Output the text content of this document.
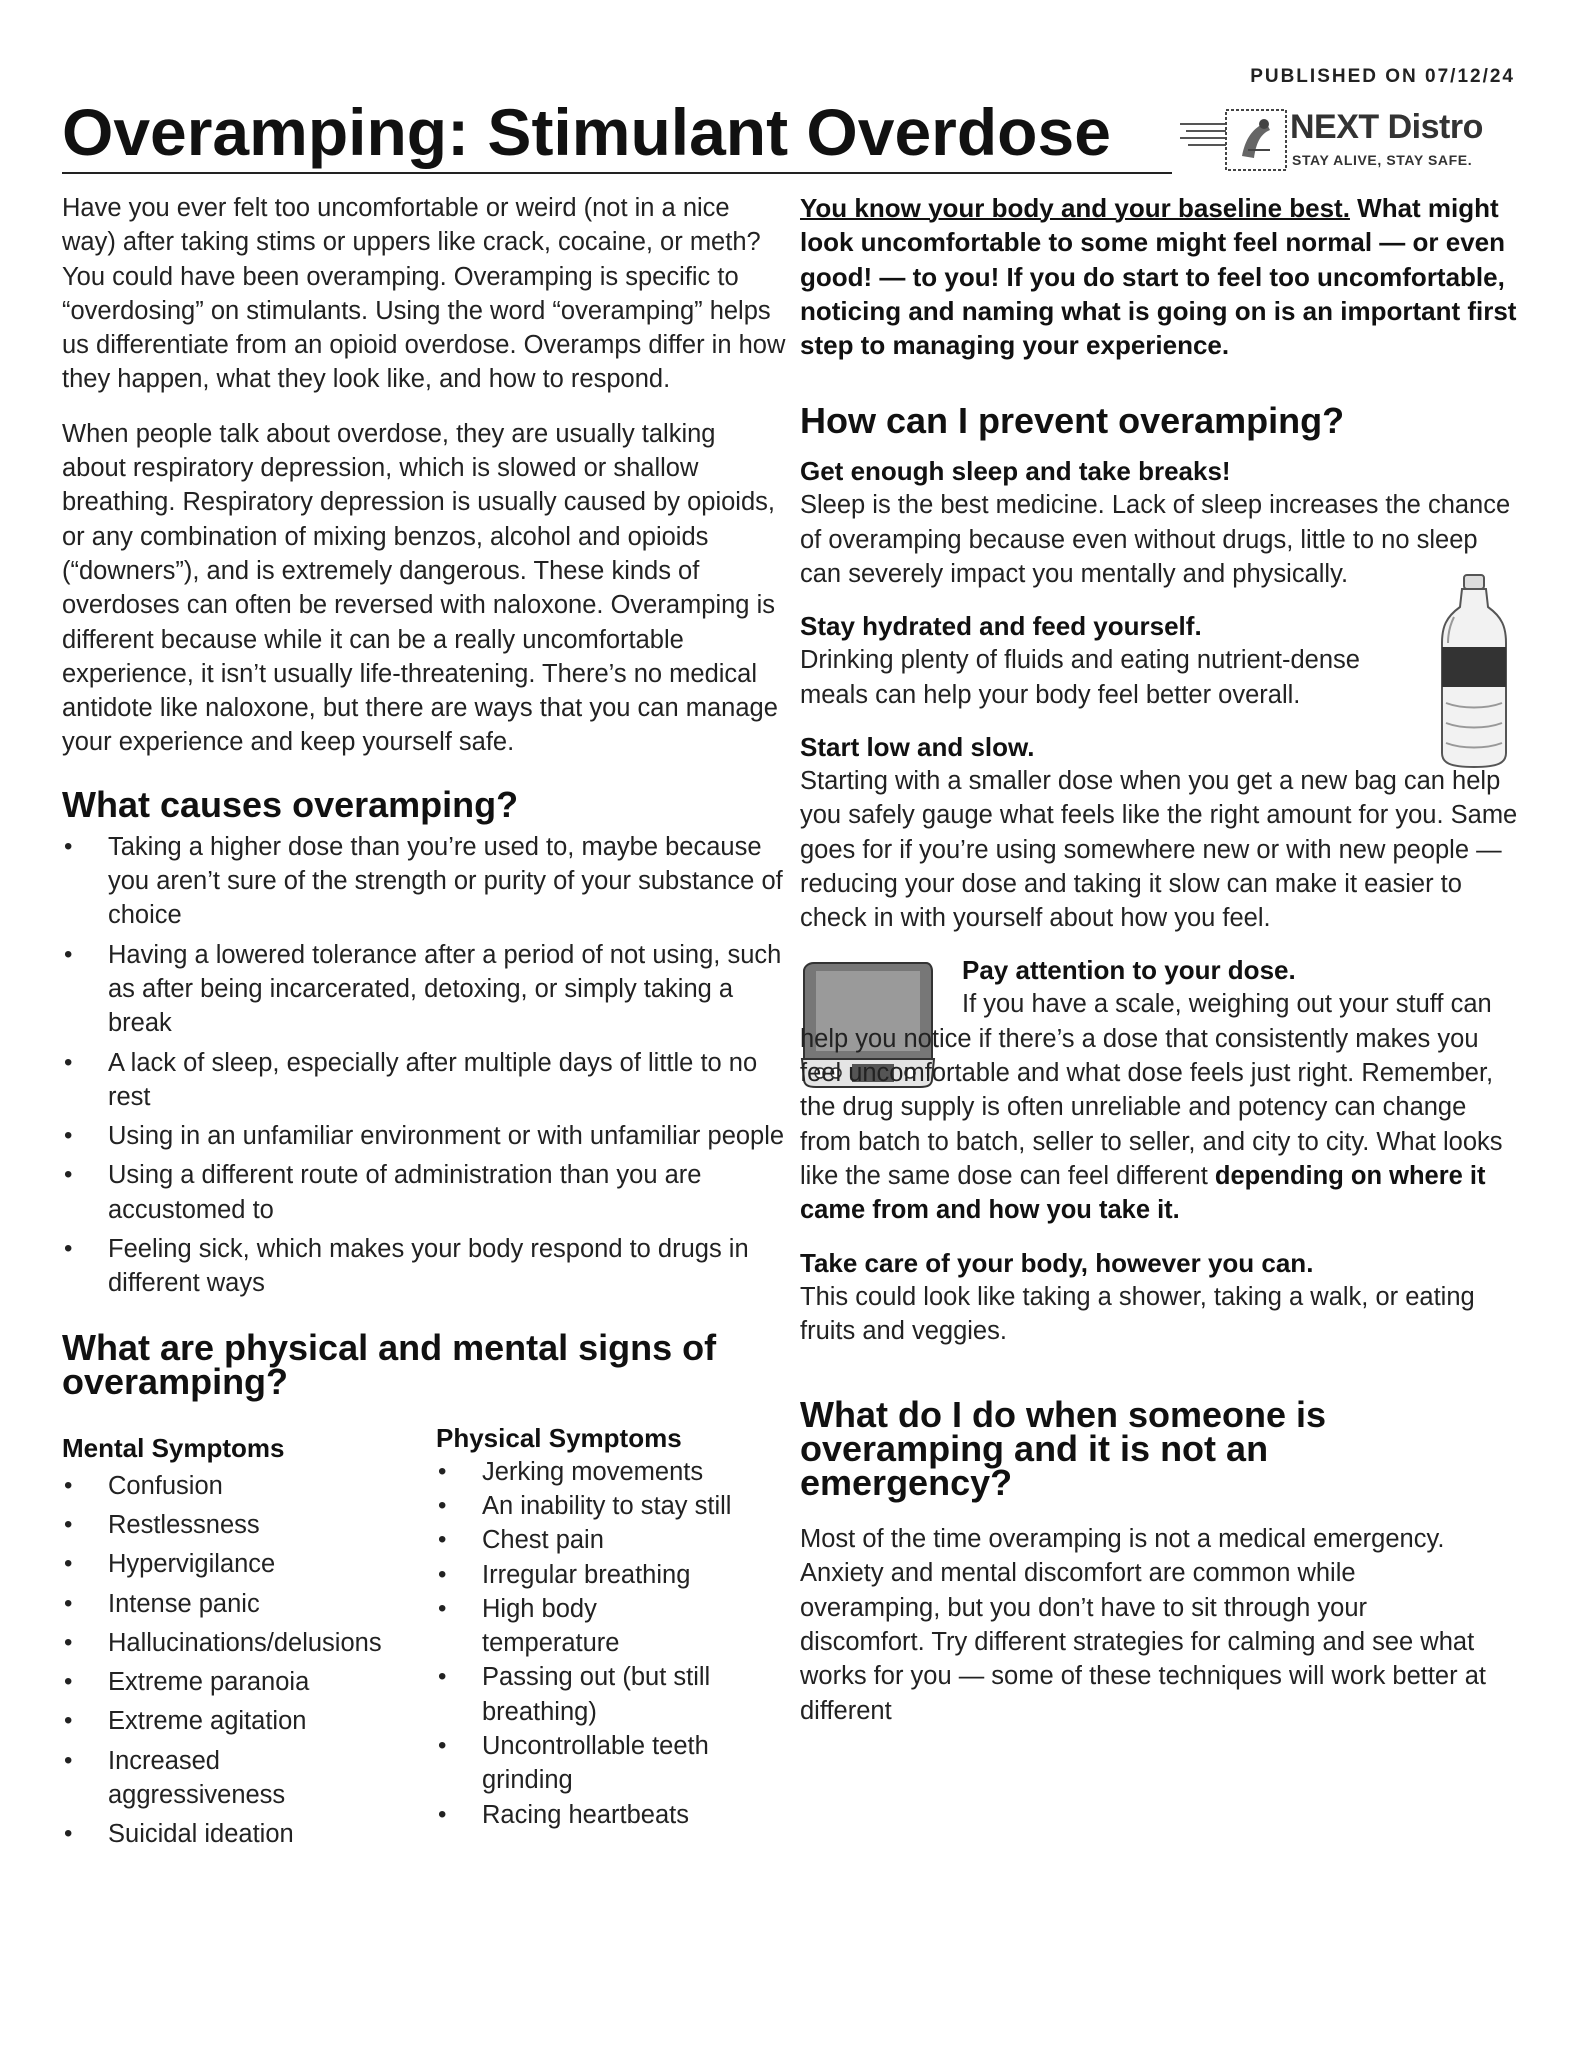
PUBLISHED ON 07/12/24
Overamping: Stimulant Overdose	NEXT Distro
STAY ALIVE, STAY SAFE.

Have you ever felt too uncomfortable or weird (not in a nice way) after taking stims or uppers like crack, cocaine, or meth? You could have been overamping. Overamping is specific to “overdosing” on stimulants. Using the word “overamping” helps us differentiate from an opioid overdose. Overamps differ in how they happen, what they look like, and how to respond.

When people talk about overdose, they are usually talking about respiratory depression, which is slowed or shallow breathing. Respiratory depression is usually caused by opioids, or any combination of mixing benzos, alcohol and opioids (“downers”), and is extremely dangerous. These kinds of overdoses can often be reversed with naloxone. Overamping is different because while it can be a really uncomfortable experience, it isn’t usually life-threatening. There’s no medical antidote like naloxone, but there are ways that you can manage your experience and keep yourself safe.

What causes overamping?
• Taking a higher dose than you’re used to, maybe because you aren’t sure of the strength or purity of your substance of choice
• Having a lowered tolerance after a period of not using, such as after being incarcerated, detoxing, or simply taking a break
• A lack of sleep, especially after multiple days of little to no rest
• Using in an unfamiliar environment or with unfamiliar people
• Using a different route of administration than you are accustomed to
• Feeling sick, which makes your body respond to drugs in different ways
What are physical and mental signs of overamping?
Mental Symptoms
• Confusion
• Restlessness
• Hypervigilance
• Intense panic
• Hallucinations/delusions
• Extreme paranoia
• Extreme agitation
• Increased aggressiveness
• Suicidal ideation
Physical Symptoms
• Jerking movements
• An inability to stay still
• Chest pain
• Irregular breathing
• High body temperature
• Passing out (but still breathing)
• Uncontrollable teeth grinding
• Racing heartbeats

You know your body and your baseline best. What might look uncomfortable to some might feel normal — or even good! — to you! If you do start to feel too uncomfortable, noticing and naming what is going on is an important first step to managing your experience.

How can I prevent overamping?
Get enough sleep and take breaks!

Sleep is the best medicine. Lack of sleep increases the chance of overamping because even without drugs, little to no sleep can severely impact you mentally and physically.

Stay hydrated and feed yourself.

Drinking plenty of fluids and eating nutrient-dense meals can help your body feel better overall.

Start low and slow.

Starting with a smaller dose when you get a new bag can help you safely gauge what feels like the right amount for you. Same goes for if you’re using somewhere new or with new people — reducing your dose and taking it slow can make it easier to check in with yourself about how you feel.

Pay attention to your dose.

If you have a scale, weighing out your stuff can help you notice if there’s a dose that consistently makes you feel uncomfortable and what dose feels just right. Remember, the drug supply is often unreliable and potency can change from batch to batch, seller to seller, and city to city. What looks like the same dose can feel different depending on where it came from and how you take it.

Take care of your body, however you can.

This could look like taking a shower, taking a walk, or eating fruits and veggies.

What do I do when someone is overamping and it is not an emergency?

Most of the time overamping is not a medical emergency. Anxiety and mental discomfort are common while overamping, but you don’t have to sit through your discomfort. Try different strategies for calming and see what works for you — some of these techniques will work better at different
